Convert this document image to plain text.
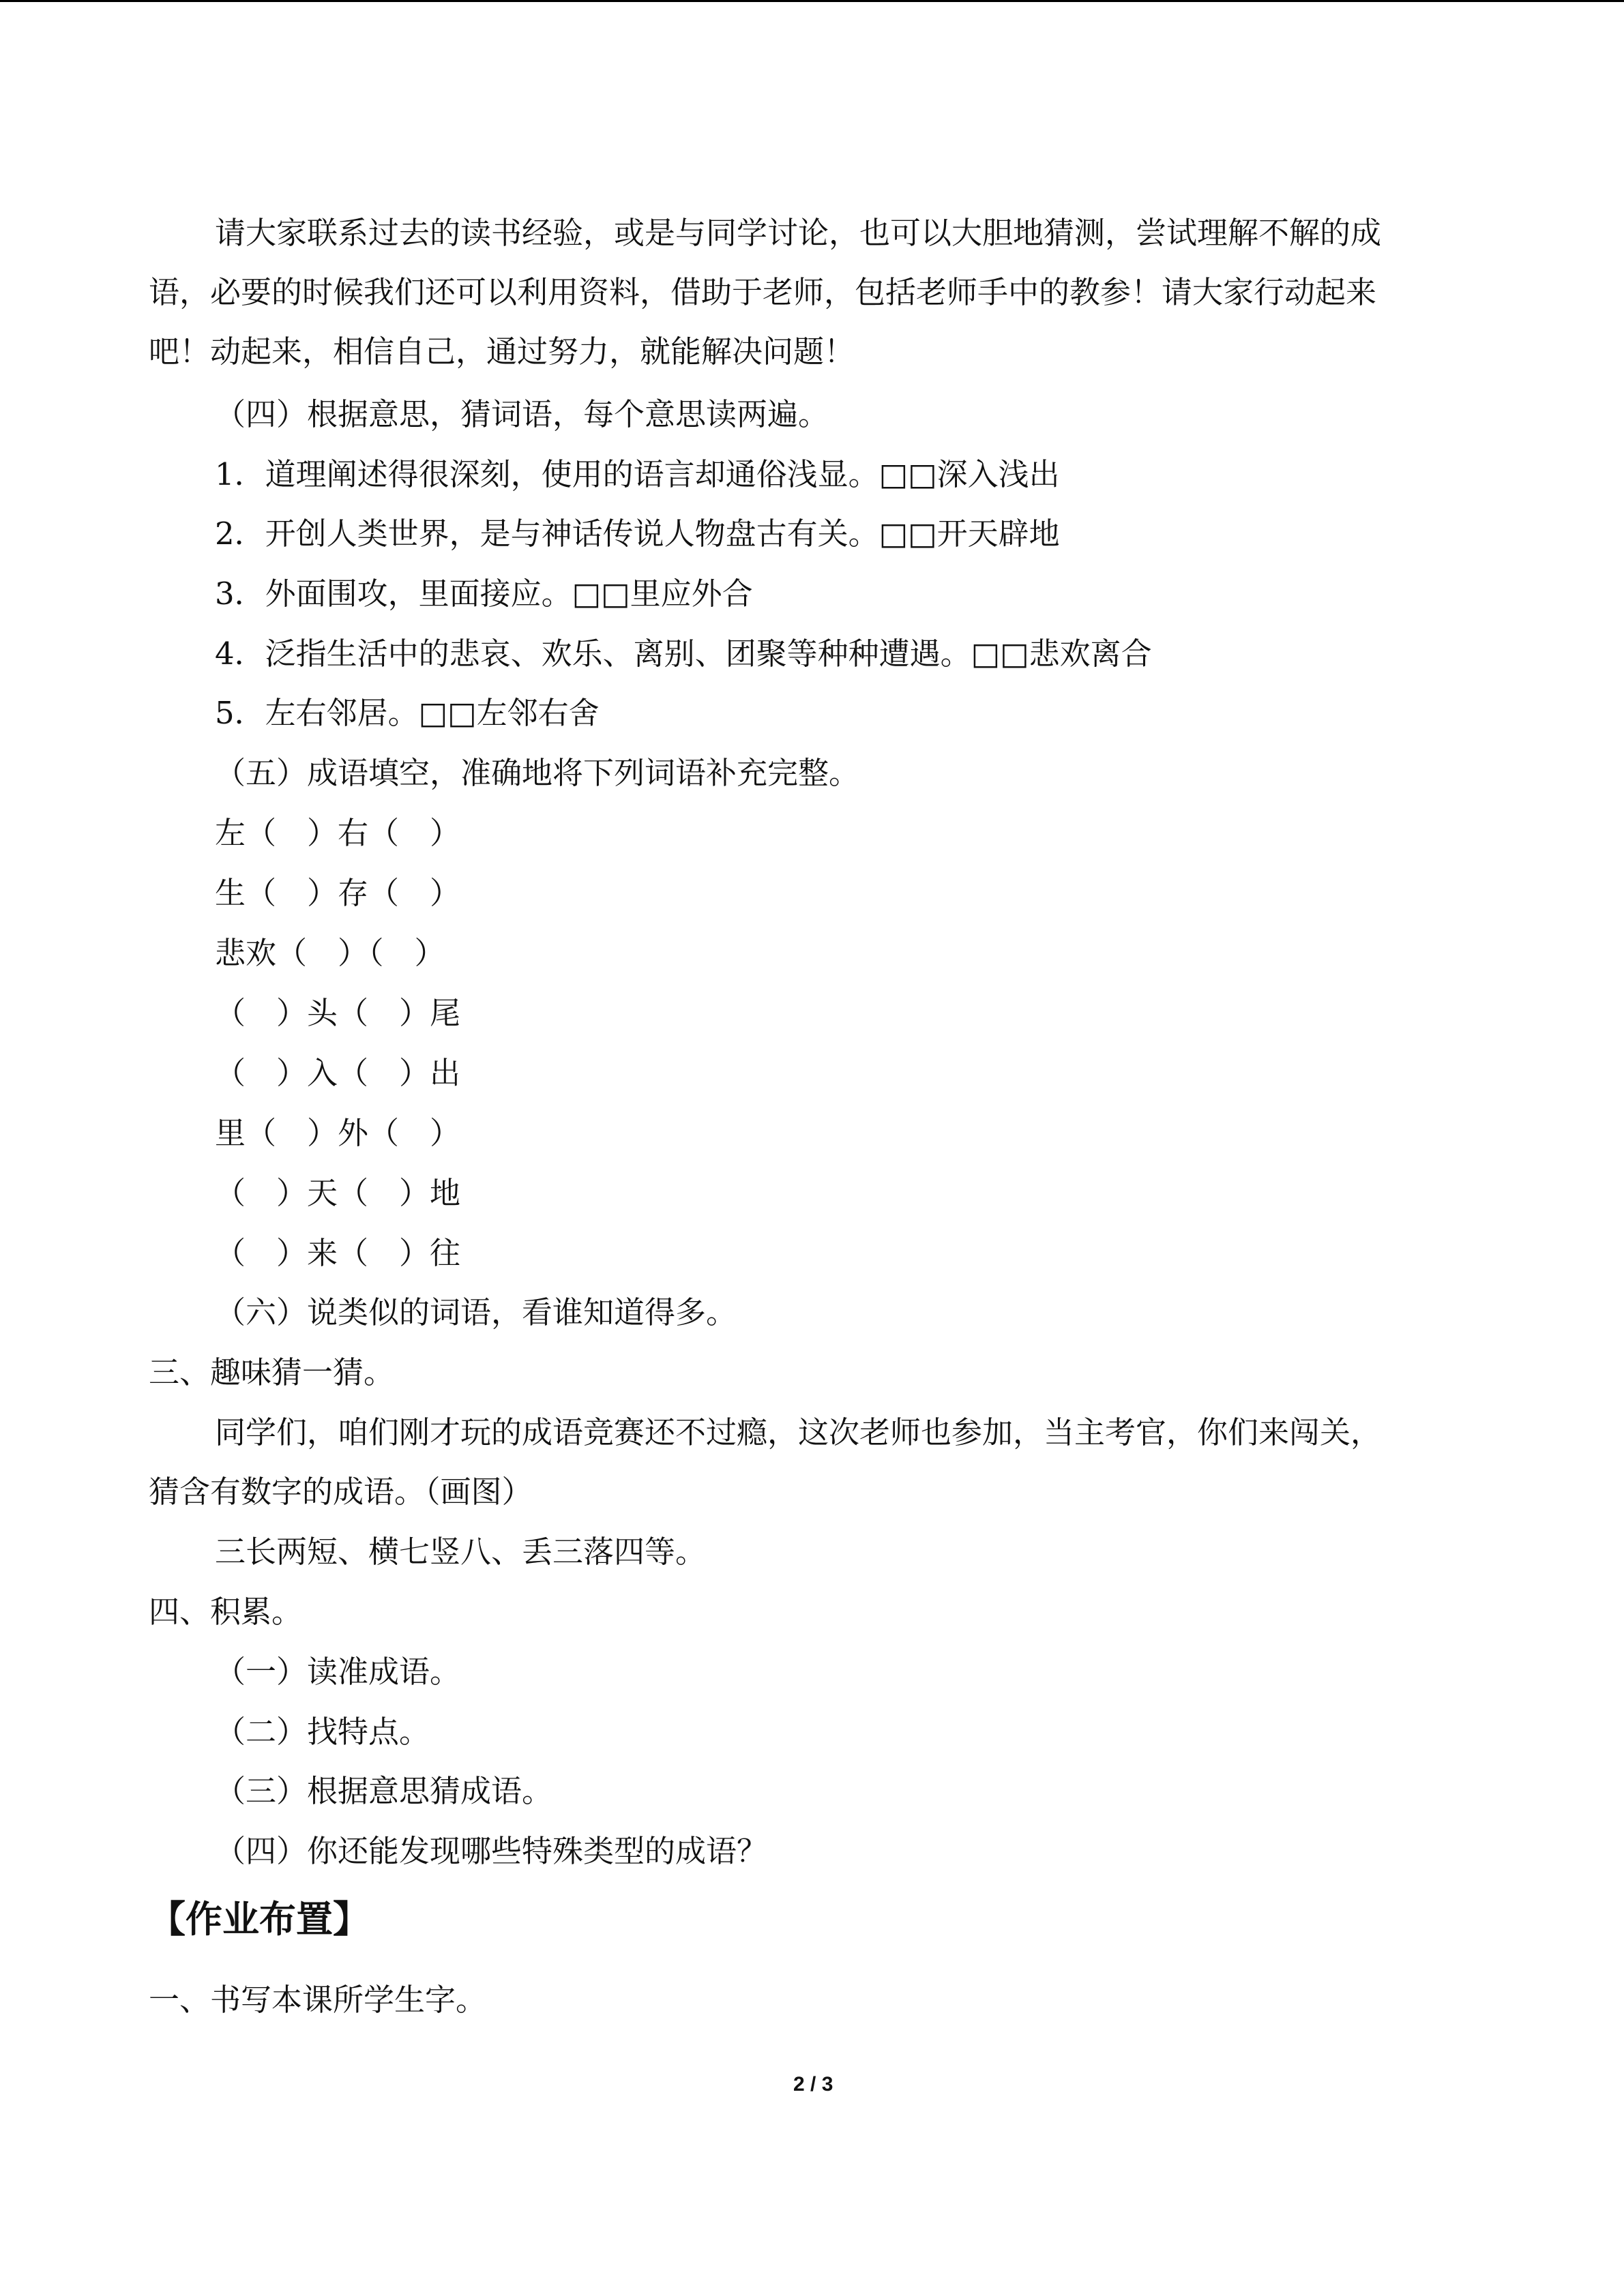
请大家联系过去的读书经验，或是与同学讨论，也可以大胆地猜测，尝试理解不解的成
语，必要的时候我们还可以利用资料，借助于老师，包括老师手中的教参！请大家行动起来
吧！动起来，相信自己，通过努力，就能解决问题！
（四）根据意思，猜词语，每个意思读两遍。
1．道理阐述得很深刻，使用的语言却通俗浅显。□□深入浅出
2．开创人类世界，是与神话传说人物盘古有关。□□开天辟地
3．外面围攻，里面接应。□□里应外合
4．泛指生活中的悲哀、欢乐、离别、团聚等种种遭遇。□□悲欢离合
5．左右邻居。□□左邻右舍
（五）成语填空，准确地将下列词语补充完整。
左（　）右（　）
生（　）存（　）
悲欢（　）（　）
（　）头（　）尾
（　）入（　）出
里（　）外（　）
（　）天（　）地
（　）来（　）往
（六）说类似的词语，看谁知道得多。
三、趣味猜一猜。
同学们，咱们刚才玩的成语竞赛还不过瘾，这次老师也参加，当主考官，你们来闯关，
猜含有数字的成语。（画图）
三长两短、横七竖八、丢三落四等。
四、积累。
（一）读准成语。
（二）找特点。
（三）根据意思猜成语。
（四）你还能发现哪些特殊类型的成语？
【作业布置】
一、书写本课所学生字。
2 / 3
